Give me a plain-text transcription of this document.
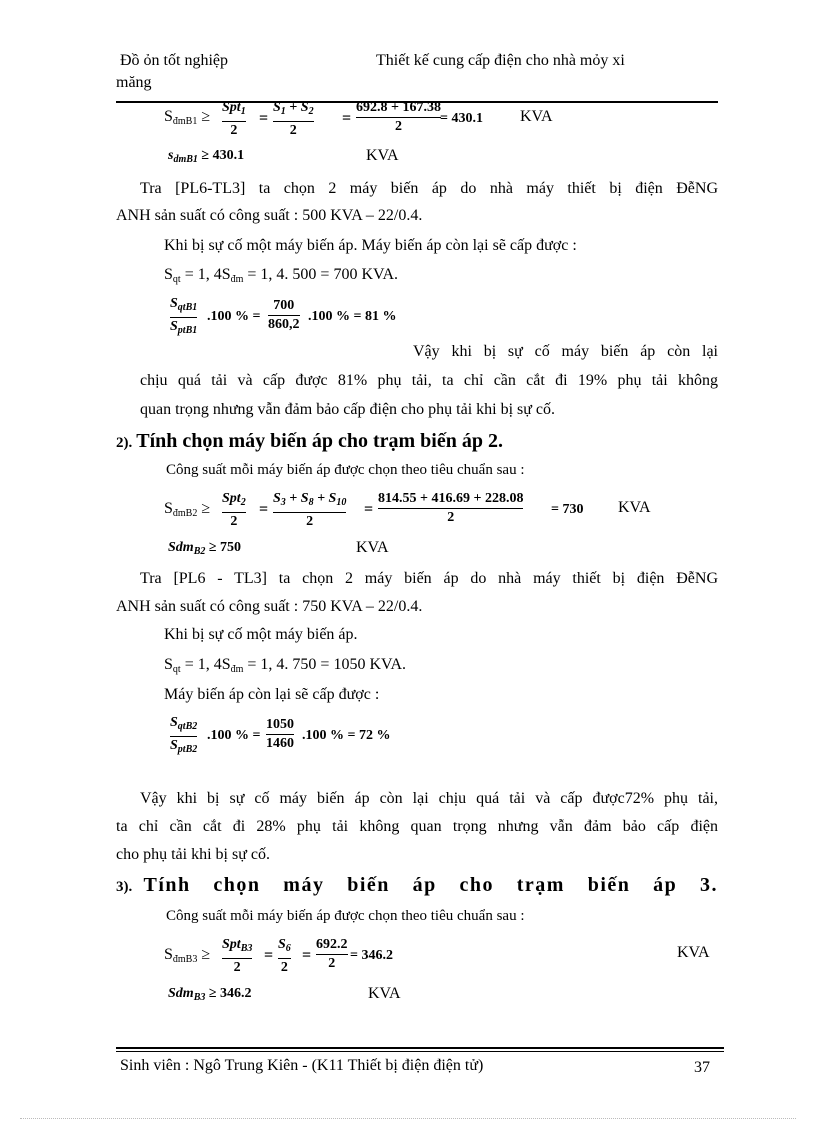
Đồ ỏn tốt nghiệp	Thiết kế cung cấp điện cho nhà mỏy xi
măng
$S_{đmB1}$ ≥
Spt$_1$
2
=
$S_1 + S_2$
2
=
692.8 + 167.38
2
= 430.1 KVA
$s_{dmB1} \ge 430.1$	KVA
Tra [PL6-TL3] ta chọn 2 máy biến áp do nhà máy thiết bị điện ĐễNG
ANH sản suất có công suất : 500 KVA – 22/0.4.
Khi bị sự cố một máy biến áp. Máy biến áp còn lại sẽ cấp được :
$S_{qt} = 1$, $4S_{đm} = 1$, 4. 500 = 700 KVA.
$S_{qtB1}$
$S_{ptB1}$
.100 % =
700
860,2
.100 % = 81 %
Vậy khi bị sự cố máy biến áp còn lại
chịu quá tải và cấp được 81% phụ tải, ta chỉ cần cắt đi 19% phụ tải không
quan trọng nhưng vẫn đảm bảo cấp điện cho phụ tải khi bị sự cố.
2). Tính chọn máy biến áp cho trạm biến áp 2.
Công suất mỗi máy biến áp được chọn theo tiêu chuẩn sau :
$S_{đmB2}$ ≥
Spt$_2$
2
=
$S_3 + S_8 + S_{10}$
2
=
814.55 + 416.69 + 228.08
2
= 730 KVA
Sdm$_{B2}$ ≥ 750	KVA
Tra [PL6 - TL3] ta chọn 2 máy biến áp do nhà máy thiết bị điện ĐễNG
ANH sản suất có công suất : 750 KVA – 22/0.4.
Khi bị sự cố một máy biến áp.
$S_{qt} = 1$, $4S_{đm} = 1$, 4. 750 = 1050 KVA.
Máy biến áp còn lại sẽ cấp được :
$S_{qtB2}$
$S_{ptB2}$
.100 % =
1050
1460
.100 % = 72 %
Vậy khi bị sự cố máy biến áp còn lại chịu quá tải và cấp được72% phụ tải,
ta chỉ cần cắt đi 28% phụ tải không quan trọng nhưng vẫn đảm bảo cấp điện
cho phụ tải khi bị sự cố.
3). Tính chọn máy biến áp cho trạm biến áp 3.
Công suất mỗi máy biến áp được chọn theo tiêu chuẩn sau :
$S_{đmB3}$ ≥
Spt$_{B3}$
2
=
$S_6$
2
=
692.2
2
= 346.2	KVA
Sdm$_{B3}$ ≥ 346.2	KVA
Sinh viên : Ngô Trung Kiên - (K11 Thiết bị điện điện tử)	37
